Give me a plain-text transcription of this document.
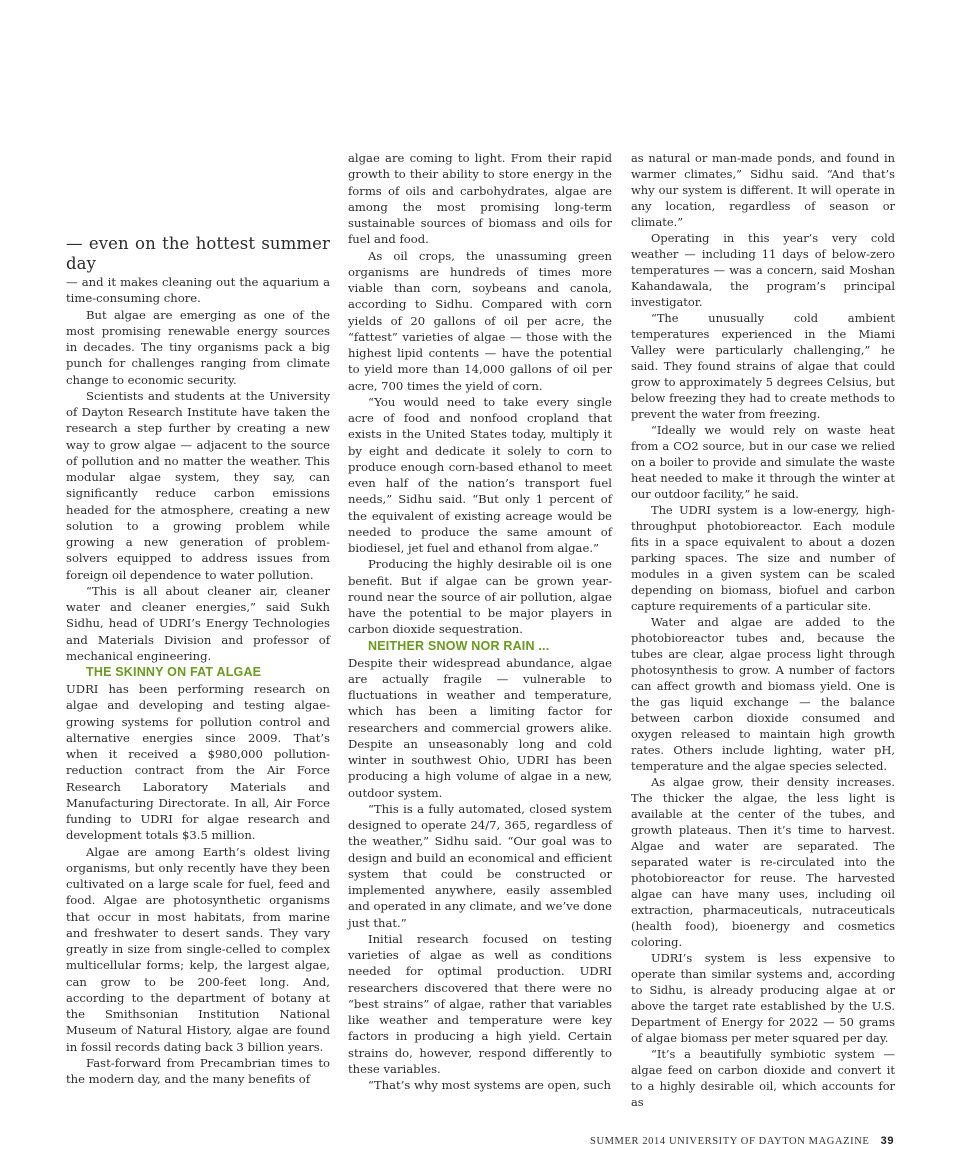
— even on the hottest summer day

— and it makes cleaning out the aquarium a time-consuming chore.

But algae are emerging as one of the most promising renewable energy sources in decades. The tiny organisms pack a big punch for challenges ranging from climate change to economic security.

Scientists and students at the University of Dayton Research Institute have taken the research a step further by creating a new way to grow algae — adjacent to the source of pollution and no matter the weather. This modular algae system, they say, can significantly reduce carbon emissions headed for the atmosphere, creating a new solution to a growing problem while growing a new generation of problem-solvers equipped to address issues from foreign oil dependence to water pollution.

“This is all about cleaner air, cleaner water and cleaner energies,” said Sukh Sidhu, head of UDRI’s Energy Technologies and Materials Division and professor of mechanical engineering.

THE SKINNY ON FAT ALGAE

UDRI has been performing research on algae and developing and testing algae-growing systems for pollution control and alternative energies since 2009. That’s when it received a $980,000 pollution-reduction contract from the Air Force Research Laboratory Materials and Manufacturing Directorate. In all, Air Force funding to UDRI for algae research and development totals $3.5 million.

Algae are among Earth’s oldest living organisms, but only recently have they been cultivated on a large scale for fuel, feed and food. Algae are photosynthetic organisms that occur in most habitats, from marine and freshwater to desert sands. They vary greatly in size from single-celled to complex multicellular forms; kelp, the largest algae, can grow to be 200-feet long. And, according to the department of botany at the Smithsonian Institution National Museum of Natural History, algae are found in fossil records dating back 3 billion years.

Fast-forward from Precambrian times to the modern day, and the many benefits of

algae are coming to light. From their rapid growth to their ability to store energy in the forms of oils and carbohydrates, algae are among the most promising long-term sustainable sources of biomass and oils for fuel and food.

As oil crops, the unassuming green organisms are hundreds of times more viable than corn, soybeans and canola, according to Sidhu. Compared with corn yields of 20 gallons of oil per acre, the “fattest” varieties of algae — those with the highest lipid contents — have the potential to yield more than 14,000 gallons of oil per acre, 700 times the yield of corn.

“You would need to take every single acre of food and nonfood cropland that exists in the United States today, multiply it by eight and dedicate it solely to corn to produce enough corn-based ethanol to meet even half of the nation’s transport fuel needs,” Sidhu said. “But only 1 percent of the equivalent of existing acreage would be needed to produce the same amount of biodiesel, jet fuel and ethanol from algae.”

Producing the highly desirable oil is one benefit. But if algae can be grown year-round near the source of air pollution, algae have the potential to be major players in carbon dioxide sequestration.

NEITHER SNOW NOR RAIN ...

Despite their widespread abundance, algae are actually fragile — vulnerable to fluctuations in weather and temperature, which has been a limiting factor for researchers and commercial growers alike. Despite an unseasonably long and cold winter in southwest Ohio, UDRI has been producing a high volume of algae in a new, outdoor system.

“This is a fully automated, closed system designed to operate 24/7, 365, regardless of the weather,” Sidhu said. “Our goal was to design and build an economical and efficient system that could be constructed or implemented anywhere, easily assembled and operated in any climate, and we’ve done just that.”

Initial research focused on testing varieties of algae as well as conditions needed for optimal production. UDRI researchers discovered that there were no “best strains” of algae, rather that variables like weather and temperature were key factors in producing a high yield. Certain strains do, however, respond differently to these variables.

“That’s why most systems are open, such

as natural or man-made ponds, and found in warmer climates,” Sidhu said. “And that’s why our system is different. It will operate in any location, regardless of season or climate.”

Operating in this year’s very cold weather — including 11 days of below-zero temperatures — was a concern, said Moshan Kahandawala, the program’s principal investigator.

“The unusually cold ambient temperatures experienced in the Miami Valley were particularly challenging,” he said. They found strains of algae that could grow to approximately 5 degrees Celsius, but below freezing they had to create methods to prevent the water from freezing.

“Ideally we would rely on waste heat from a CO2 source, but in our case we relied on a boiler to provide and simulate the waste heat needed to make it through the winter at our outdoor facility,” he said.

The UDRI system is a low-energy, high-throughput photobioreactor. Each module fits in a space equivalent to about a dozen parking spaces. The size and number of modules in a given system can be scaled depending on biomass, biofuel and carbon capture requirements of a particular site.

Water and algae are added to the photobioreactor tubes and, because the tubes are clear, algae process light through photosynthesis to grow. A number of factors can affect growth and biomass yield. One is the gas liquid exchange — the balance between carbon dioxide consumed and oxygen released to maintain high growth rates. Others include lighting, water pH, temperature and the algae species selected.

As algae grow, their density increases. The thicker the algae, the less light is available at the center of the tubes, and growth plateaus. Then it’s time to harvest. Algae and water are separated. The separated water is re-circulated into the photobioreactor for reuse. The harvested algae can have many uses, including oil extraction, pharmaceuticals, nutraceuticals (health food), bioenergy and cosmetics coloring.

UDRI’s system is less expensive to operate than similar systems and, according to Sidhu, is already producing algae at or above the target rate established by the U.S. Department of Energy for 2022 — 50 grams of algae biomass per meter squared per day.

“It’s a beautifully symbiotic system — algae feed on carbon dioxide and convert it to a highly desirable oil, which accounts for as

SUMMER 2014 UNIVERSITY OF DAYTON MAGAZINE 39
